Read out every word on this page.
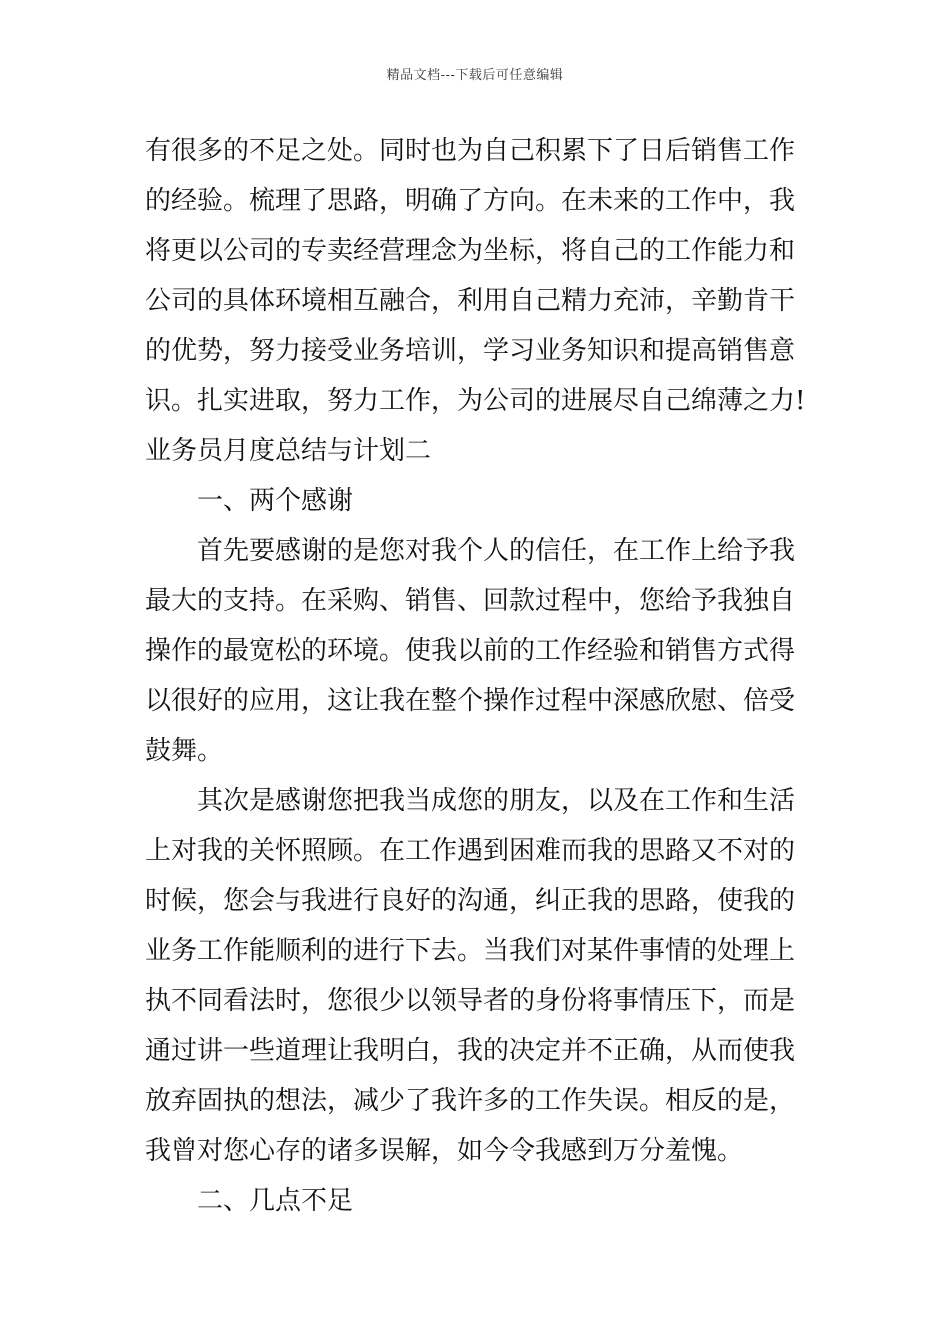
精品文档---下载后可任意编辑
有很多的不足之处。同时也为自己积累下了日后销售工作
的经验。梳理了思路，明确了方向。在未来的工作中，我
将更以公司的专卖经营理念为坐标，将自己的工作能力和
公司的具体环境相互融合，利用自己精力充沛，辛勤肯干
的优势，努力接受业务培训，学习业务知识和提高销售意
识。扎实进取，努力工作，为公司的进展尽自己绵薄之力!
业务员月度总结与计划二
一、两个感谢
首先要感谢的是您对我个人的信任，在工作上给予我
最大的支持。在采购、销售、回款过程中，您给予我独自
操作的最宽松的环境。使我以前的工作经验和销售方式得
以很好的应用，这让我在整个操作过程中深感欣慰、倍受
鼓舞。
其次是感谢您把我当成您的朋友，以及在工作和生活
上对我的关怀照顾。在工作遇到困难而我的思路又不对的
时候，您会与我进行良好的沟通，纠正我的思路，使我的
业务工作能顺利的进行下去。当我们对某件事情的处理上
执不同看法时，您很少以领导者的身份将事情压下，而是
通过讲一些道理让我明白，我的决定并不正确，从而使我
放弃固执的想法，减少了我许多的工作失误。相反的是，
我曾对您心存的诸多误解，如今令我感到万分羞愧。
二、几点不足
